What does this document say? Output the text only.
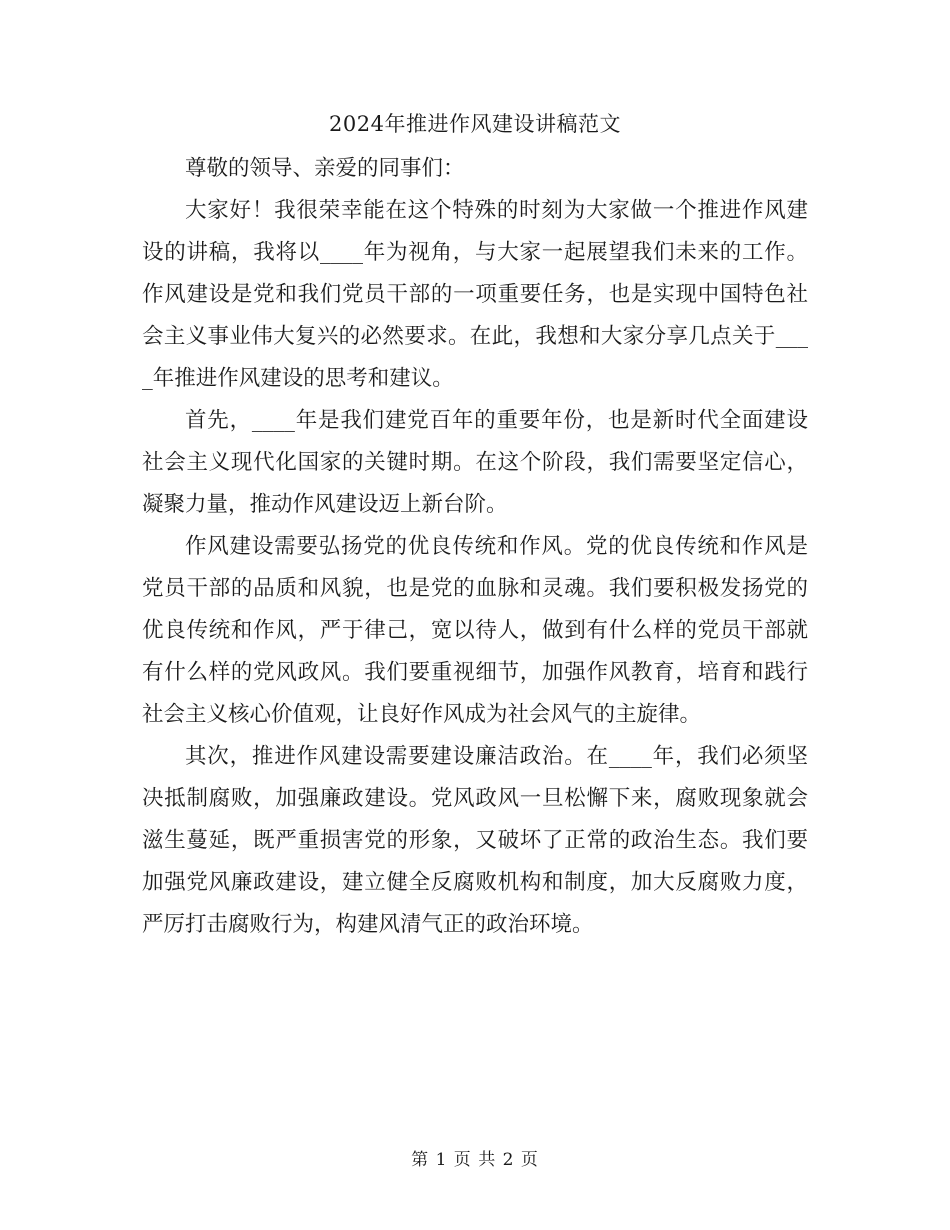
2024年推进作风建设讲稿范文

尊敬的领导、亲爱的同事们：

大家好！我很荣幸能在这个特殊的时刻为大家做一个推进作风建设的讲稿，我将以____年为视角，与大家一起展望我们未来的工作。作风建设是党和我们党员干部的一项重要任务，也是实现中国特色社会主义事业伟大复兴的必然要求。在此，我想和大家分享几点关于____年推进作风建设的思考和建议。

首先，____年是我们建党百年的重要年份，也是新时代全面建设社会主义现代化国家的关键时期。在这个阶段，我们需要坚定信心，凝聚力量，推动作风建设迈上新台阶。

作风建设需要弘扬党的优良传统和作风。党的优良传统和作风是党员干部的品质和风貌，也是党的血脉和灵魂。我们要积极发扬党的优良传统和作风，严于律己，宽以待人，做到有什么样的党员干部就有什么样的党风政风。我们要重视细节，加强作风教育，培育和践行社会主义核心价值观，让良好作风成为社会风气的主旋律。

其次，推进作风建设需要建设廉洁政治。在____年，我们必须坚决抵制腐败，加强廉政建设。党风政风一旦松懈下来，腐败现象就会滋生蔓延，既严重损害党的形象，又破坏了正常的政治生态。我们要加强党风廉政建设，建立健全反腐败机构和制度，加大反腐败力度，严厉打击腐败行为，构建风清气正的政治环境。

第 1 页 共 2 页
